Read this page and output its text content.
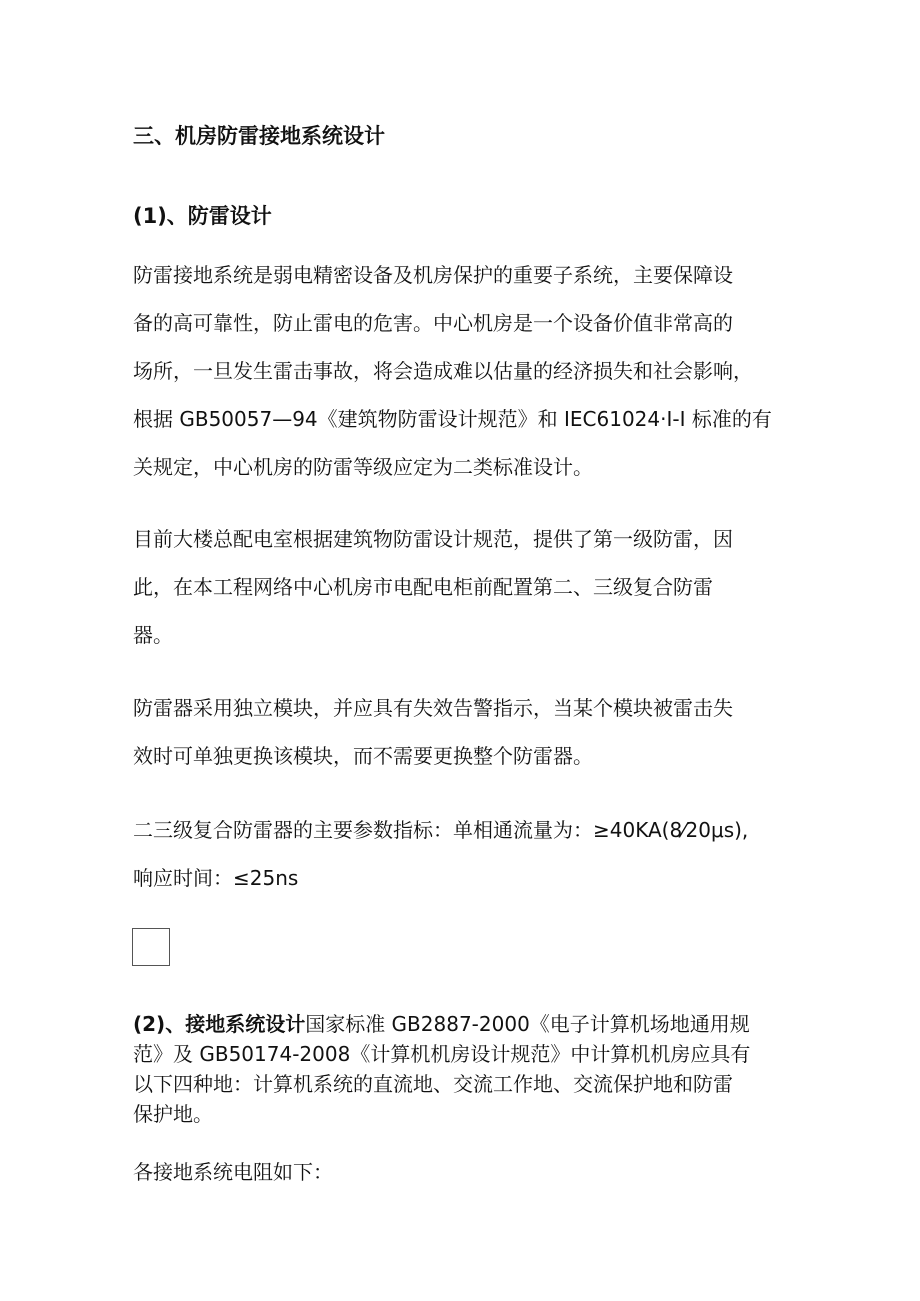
三、机房防雷接地系统设计
(1)、防雷设计

防雷接地系统是弱电精密设备及机房保护的重要子系统，主要保障设
备的高可靠性，防止雷电的危害。中心机房是一个设备价值非常高的
场所，一旦发生雷击事故，将会造成难以估量的经济损失和社会影响，
根据 GB50057—94《建筑物防雷设计规范》和 IEC61024·I-I 标准的有
关规定，中心机房的防雷等级应定为二类标准设计。

目前大楼总配电室根据建筑物防雷设计规范，提供了第一级防雷，因
此，在本工程网络中心机房市电配电柜前配置第二、三级复合防雷
器。

防雷器采用独立模块，并应具有失效告警指示，当某个模块被雷击失
效时可单独更换该模块，而不需要更换整个防雷器。

二三级复合防雷器的主要参数指标：单相通流量为：≥40KA(8⁄20μs),
响应时间：≤25ns

(2)、接地系统设计国家标准 GB2887-2000《电子计算机场地通用规
范》及 GB50174-2008《计算机机房设计规范》中计算机机房应具有
以下四种地：计算机系统的直流地、交流工作地、交流保护地和防雷
保护地。

各接地系统电阻如下：
